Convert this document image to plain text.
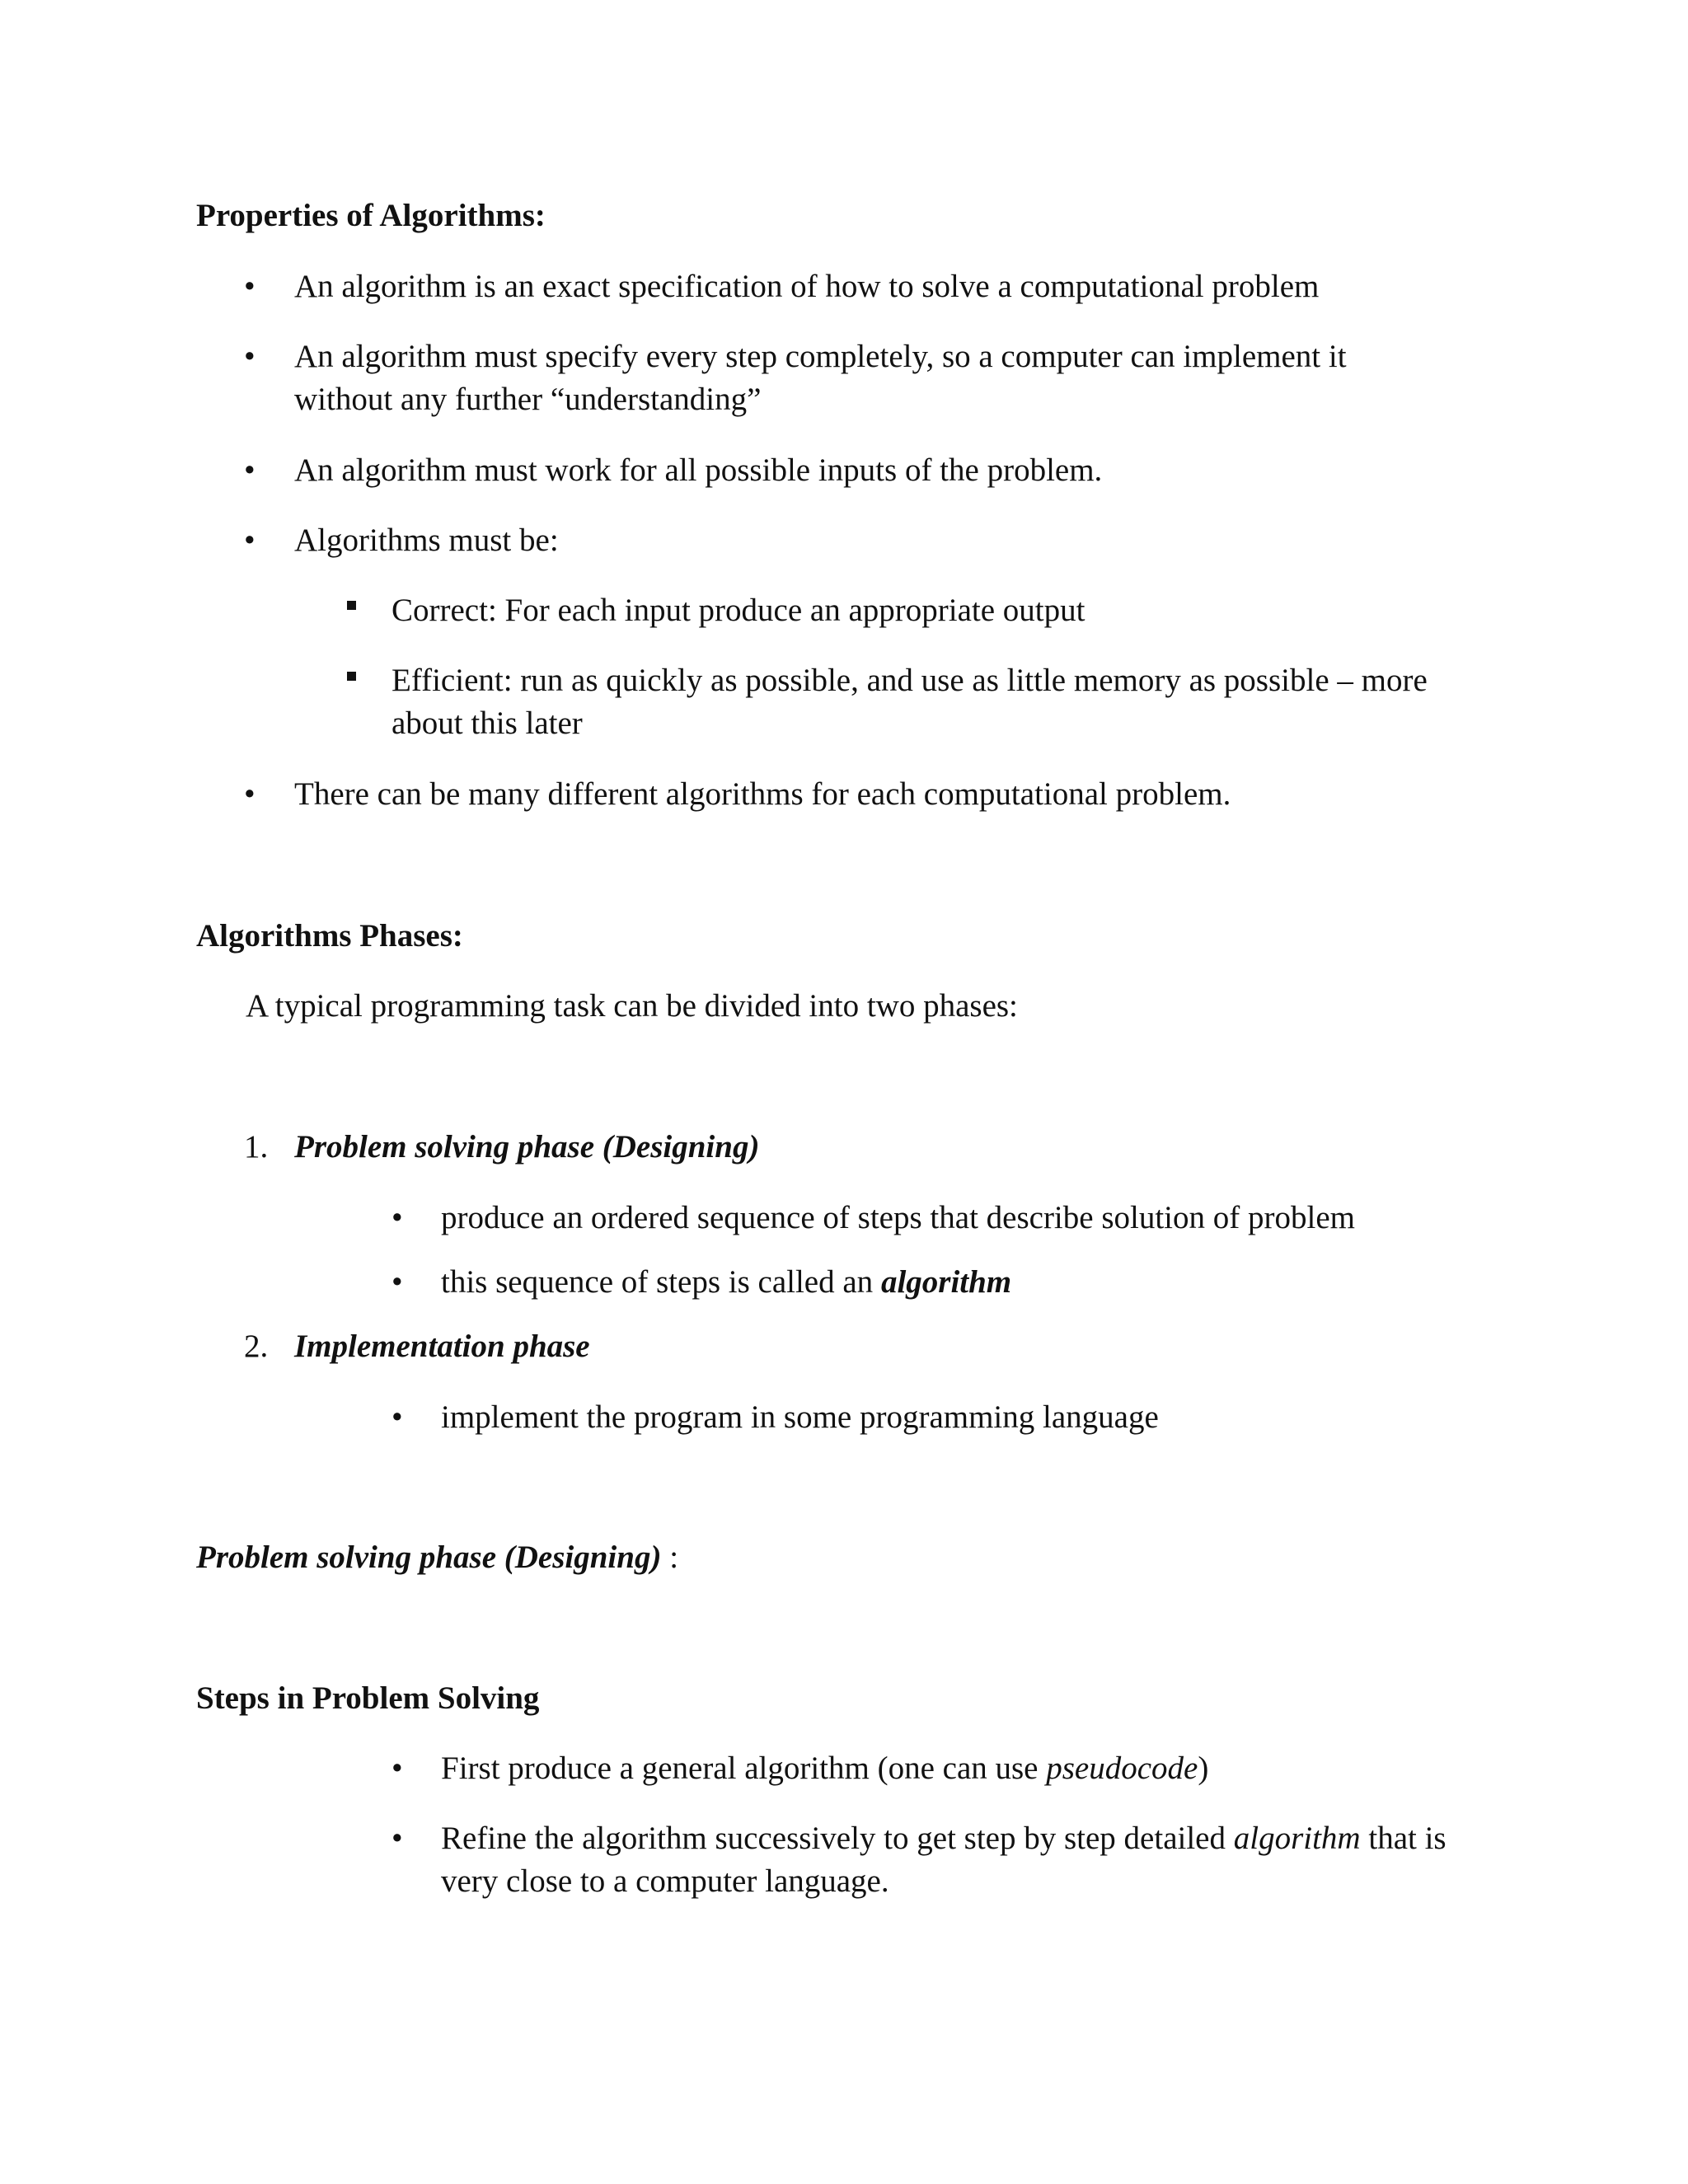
Properties of Algorithms:
• An algorithm is an exact specification of how to solve a computational problem
• An algorithm must specify every step completely, so a computer can implement it without any further “understanding”
• An algorithm must work for all possible inputs of the problem.
• Algorithms must be:
Correct: For each input produce an appropriate output
Efficient: run as quickly as possible, and use as little memory as possible – more about this later
• There can be many different algorithms for each computational problem.
Algorithms Phases:
A typical programming task can be divided into two phases:
1. Problem solving phase (Designing)
• produce an ordered sequence of steps that describe solution of problem
• this sequence of steps is called an algorithm
2. Implementation phase
• implement the program in some programming language
Problem solving phase (Designing) :
Steps in Problem Solving
• First produce a general algorithm (one can use pseudocode)
• Refine the algorithm successively to get step by step detailed algorithm that is very close to a computer language.
